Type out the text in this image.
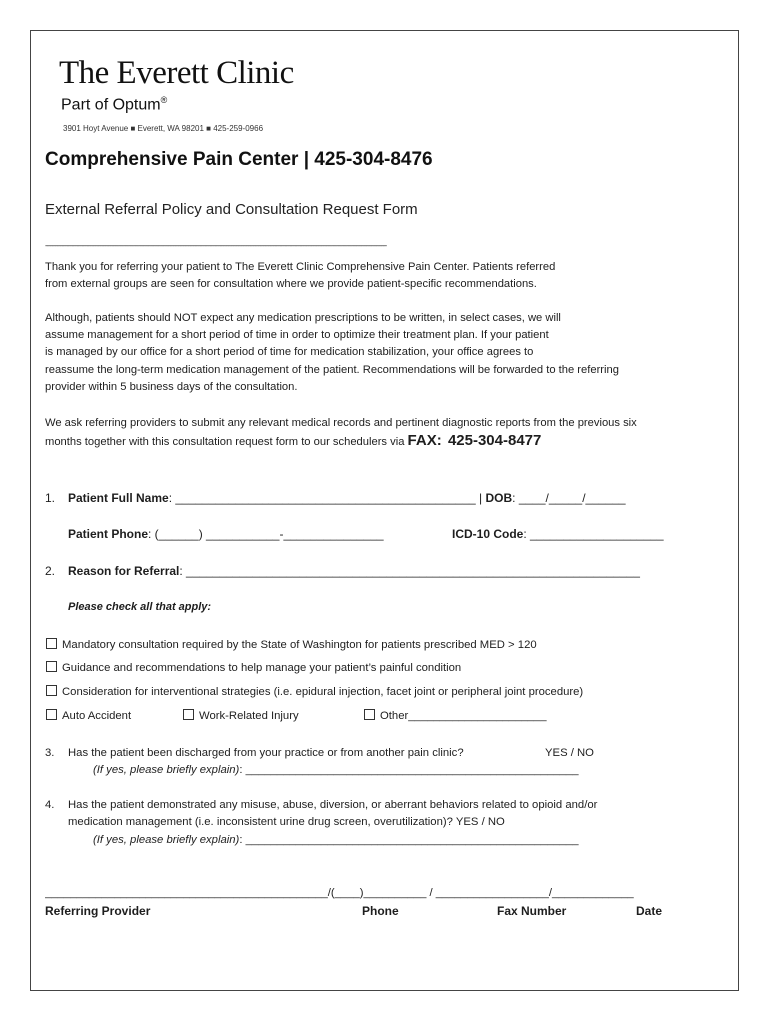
The Everett Clinic
Part of Optum®
3901 Hoyt Avenue ■ Everett, WA 98201 ■ 425-259-0966
Comprehensive Pain Center | 425-304-8476
External Referral Policy and Consultation Request Form
-------------------------------------------------------------------------------------------------------------------------------------------------------------------------------------------------------------
Thank you for referring your patient to The Everett Clinic Comprehensive Pain Center. Patients referred
from external groups are seen for consultation where we provide patient-specific recommendations.
Although, patients should NOT expect any medication prescriptions to be written, in select cases, we will
assume management for a short period of time in order to optimize their treatment plan. If your patient
is managed by our office for a short period of time for medication stabilization, your office agrees to
reassume the long-term medication management of the patient. Recommendations will be forwarded to the referring
provider within 5 business days of the consultation.
We ask referring providers to submit any relevant medical records and pertinent diagnostic reports from the previous six
months together with this consultation request form to our schedulers via FAX: 425-304-8477
1. Patient Full Name: _____________________________________________ | DOB: ____/_____/______
Patient Phone: (______) ___________-_______________	ICD-10 Code: ____________________
2. Reason for Referral: ____________________________________________________________________
Please check all that apply:
Mandatory consultation required by the State of Washington for patients prescribed MED > 120
Guidance and recommendations to help manage your patient’s painful condition
Consideration for interventional strategies (i.e. epidural injection, facet joint or peripheral joint procedure)
Auto Accident	Work-Related Injury	Other______________________
3. Has the patient been discharged from your practice or from another pain clinic?	YES / NO
(If yes, please briefly explain): _____________________________________________________
4. Has the patient demonstrated any misuse, abuse, diversion, or aberrant behaviors related to opioid and/or
medication management (i.e. inconsistent urine drug screen, overutilization)? YES / NO
(If yes, please briefly explain): _____________________________________________________
_____________________________________________/(____)__________ / __________________/_____________
Referring Provider	Phone	Fax Number	Date
